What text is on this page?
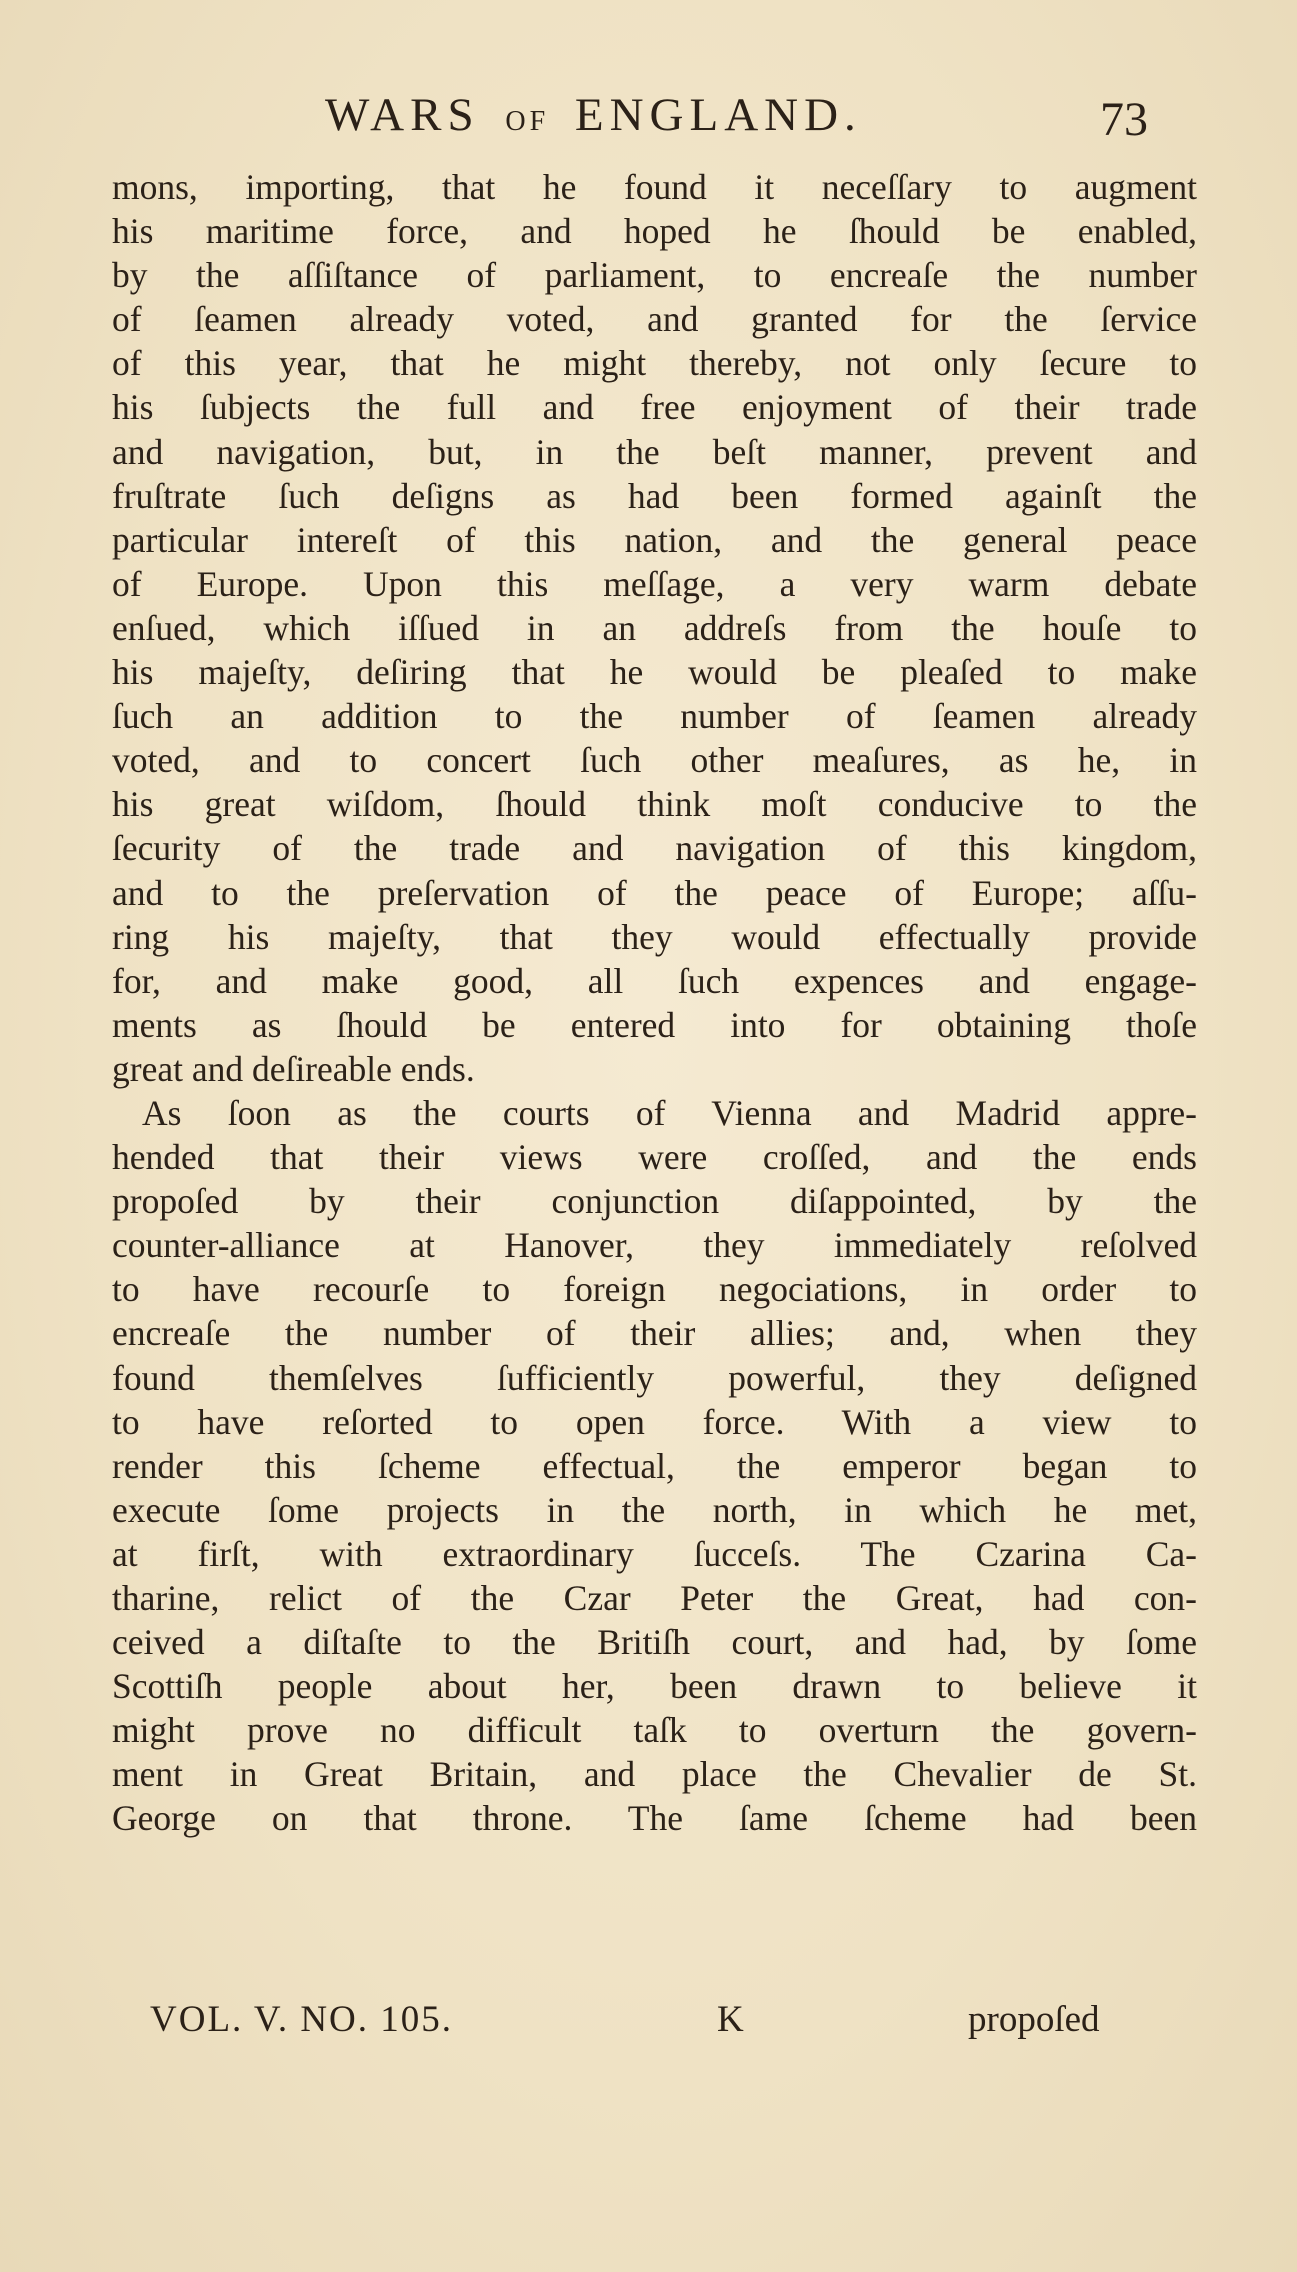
WARS OF ENGLAND.	73
mons, importing, that he found it neceſſary to augment
his maritime force, and hoped he ſhould be enabled,
by the aſſiſtance of parliament, to encreaſe the number
of ſeamen already voted, and granted for the ſervice
of this year, that he might thereby, not only ſecure to
his ſubjects the full and free enjoyment of their trade
and navigation, but, in the beſt manner, prevent and
fruſtrate ſuch deſigns as had been formed againſt the
particular intereſt of this nation, and the general peace
of Europe. Upon this meſſage, a very warm debate
enſued, which iſſued in an addreſs from the houſe to
his majeſty, deſiring that he would be pleaſed to make
ſuch an addition to the number of ſeamen already
voted, and to concert ſuch other meaſures, as he, in
his great wiſdom, ſhould think moſt conducive to the
ſecurity of the trade and navigation of this kingdom,
and to the preſervation of the peace of Europe; aſſu-
ring his majeſty, that they would effectually provide
for, and make good, all ſuch expences and engage-
ments as ſhould be entered into for obtaining thoſe
great and deſireable ends.
As ſoon as the courts of Vienna and Madrid appre-
hended that their views were croſſed, and the ends
propoſed by their conjunction diſappointed, by the
counter-alliance at Hanover, they immediately reſolved
to have recourſe to foreign negociations, in order to
encreaſe the number of their allies; and, when they
found themſelves ſufficiently powerful, they deſigned
to have reſorted to open force. With a view to
render this ſcheme effectual, the emperor began to
execute ſome projects in the north, in which he met,
at firſt, with extraordinary ſucceſs. The Czarina Ca-
tharine, relict of the Czar Peter the Great, had con-
ceived a diſtaſte to the Britiſh court, and had, by ſome
Scottiſh people about her, been drawn to believe it
might prove no difficult taſk to overturn the govern-
ment in Great Britain, and place the Chevalier de St.
George on that throne. The ſame ſcheme had been
VOL. V. NO. 105.	K	propoſed
